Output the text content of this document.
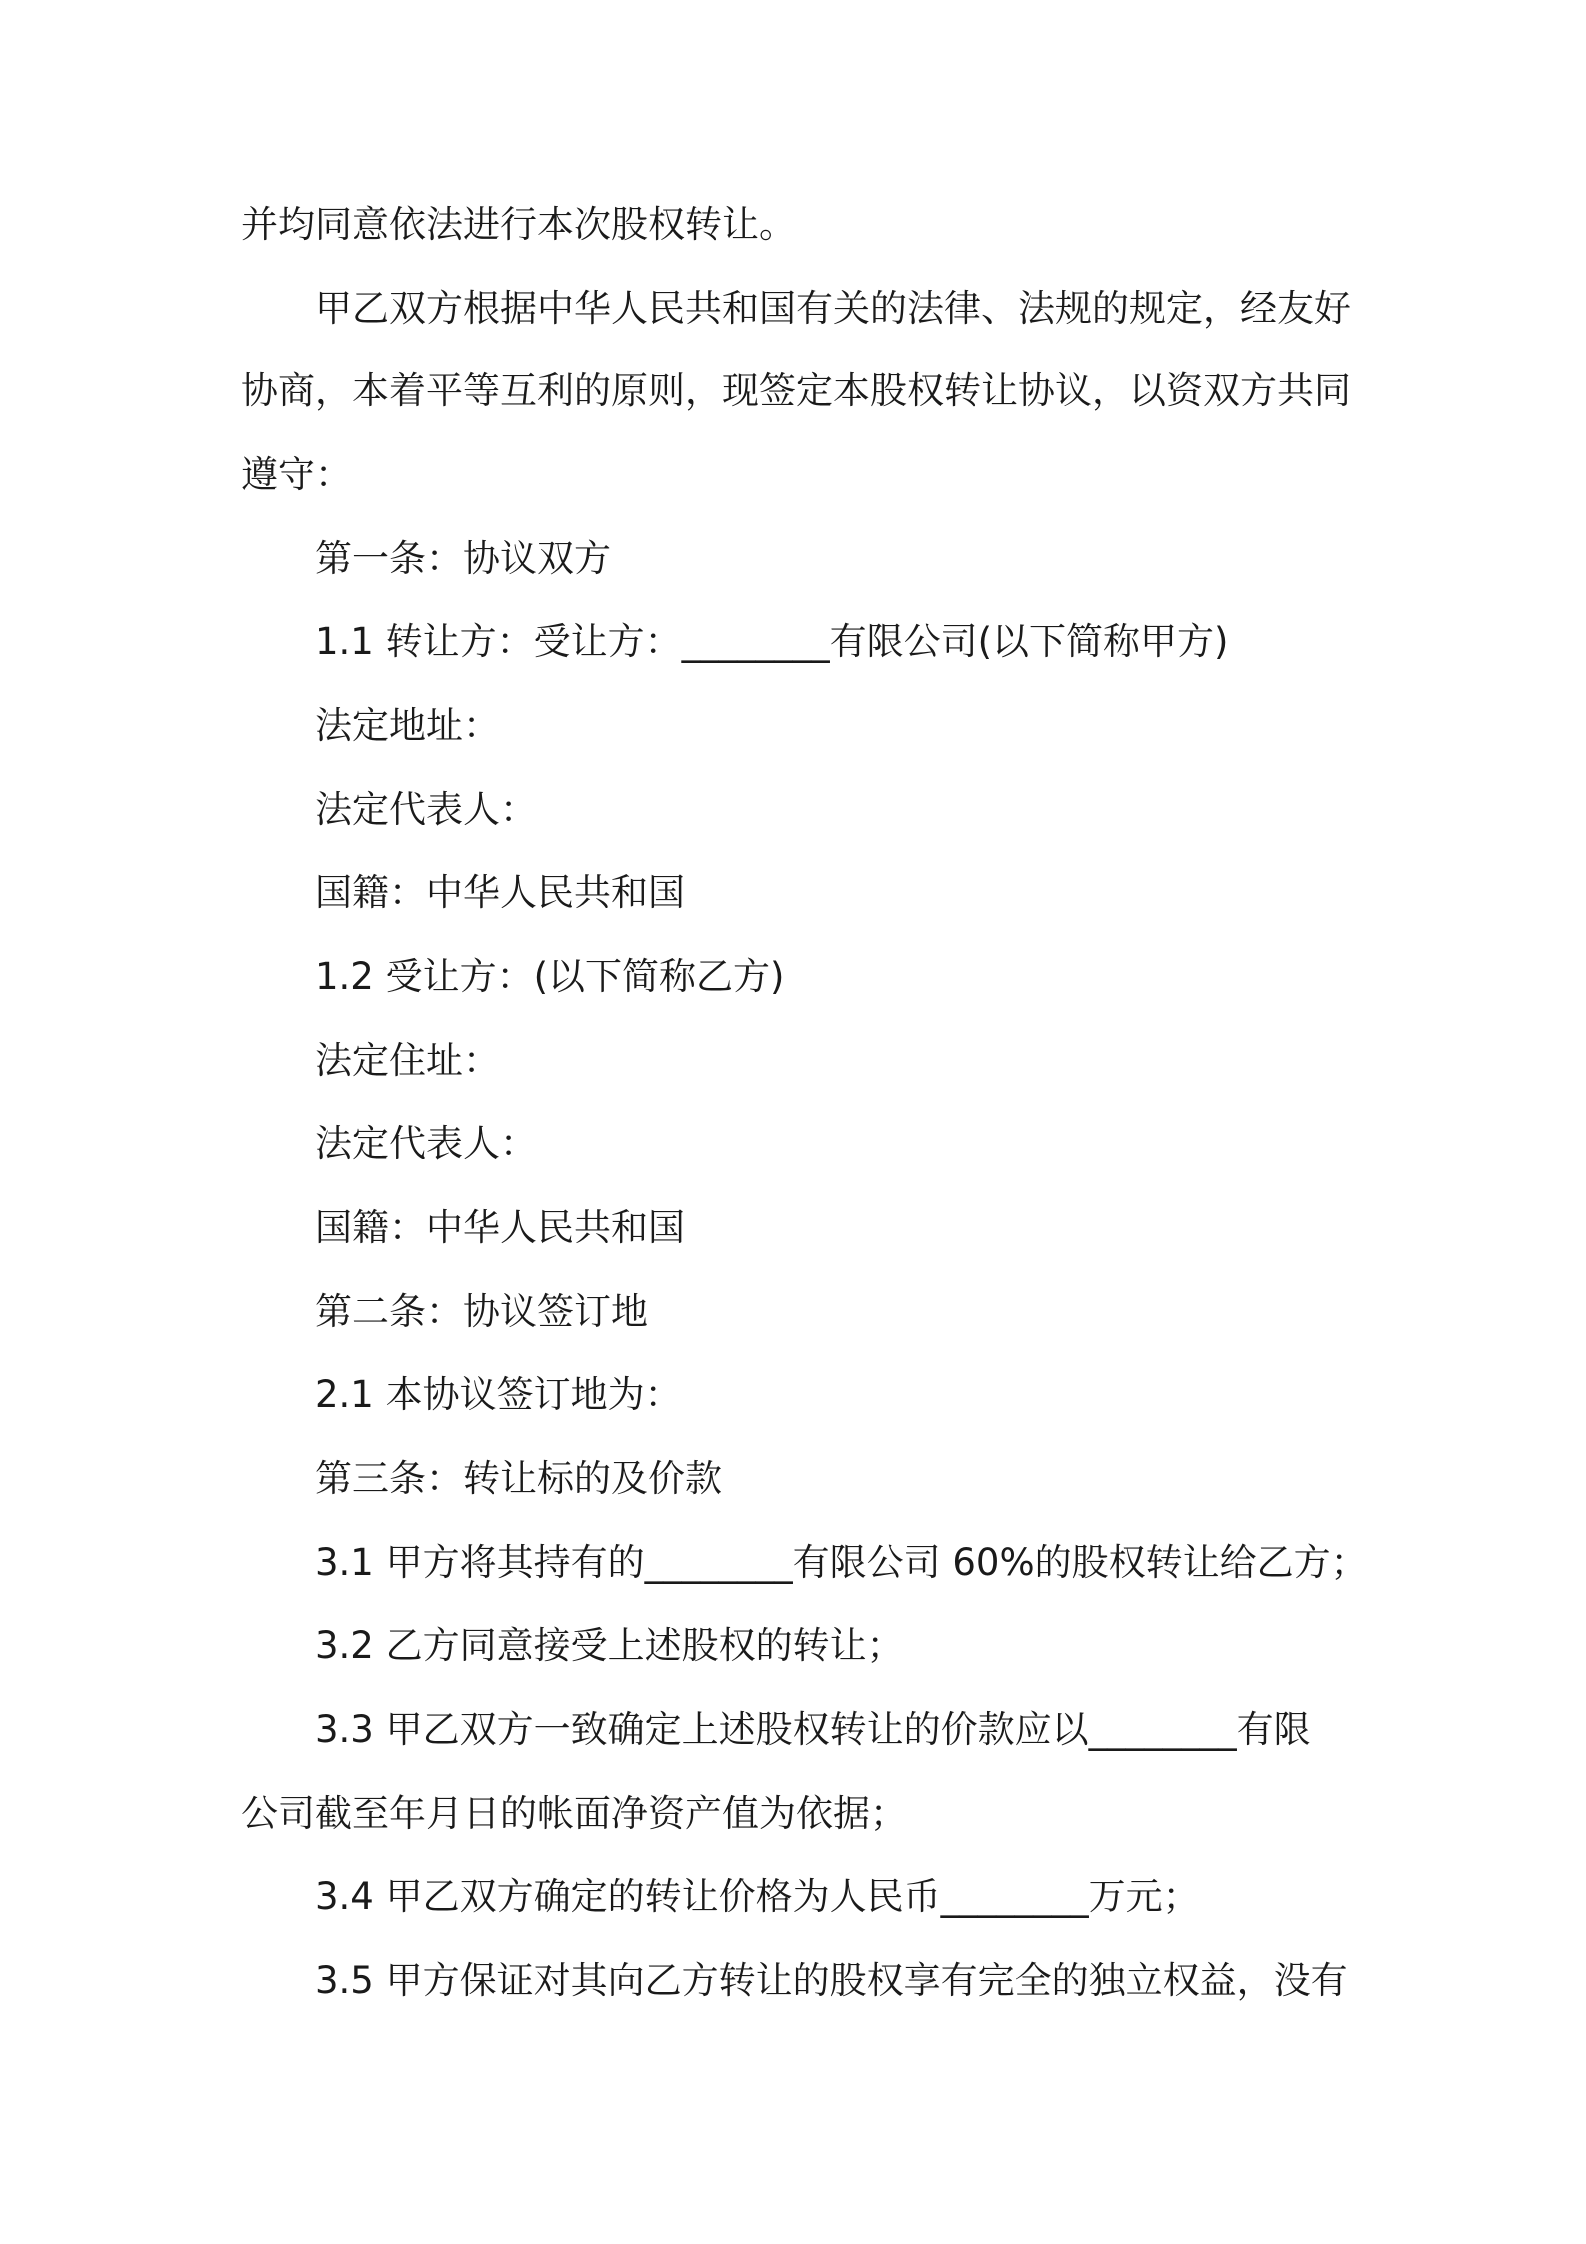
并均同意依法进行本次股权转让。
甲乙双方根据中华人民共和国有关的法律、法规的规定，经友好
协商，本着平等互利的原则，现签定本股权转让协议，以资双方共同
遵守：
第一条：协议双方
1.1 转让方：受让方：________有限公司(以下简称甲方)
法定地址：
法定代表人：
国籍：中华人民共和国
1.2 受让方：(以下简称乙方)
法定住址：
法定代表人：
国籍：中华人民共和国
第二条：协议签订地
2.1 本协议签订地为：
第三条：转让标的及价款
3.1 甲方将其持有的________有限公司 60%的股权转让给乙方；
3.2 乙方同意接受上述股权的转让；
3.3 甲乙双方一致确定上述股权转让的价款应以________有限
公司截至年月日的帐面净资产值为依据；
3.4 甲乙双方确定的转让价格为人民币________万元；
3.5 甲方保证对其向乙方转让的股权享有完全的独立权益，没有
